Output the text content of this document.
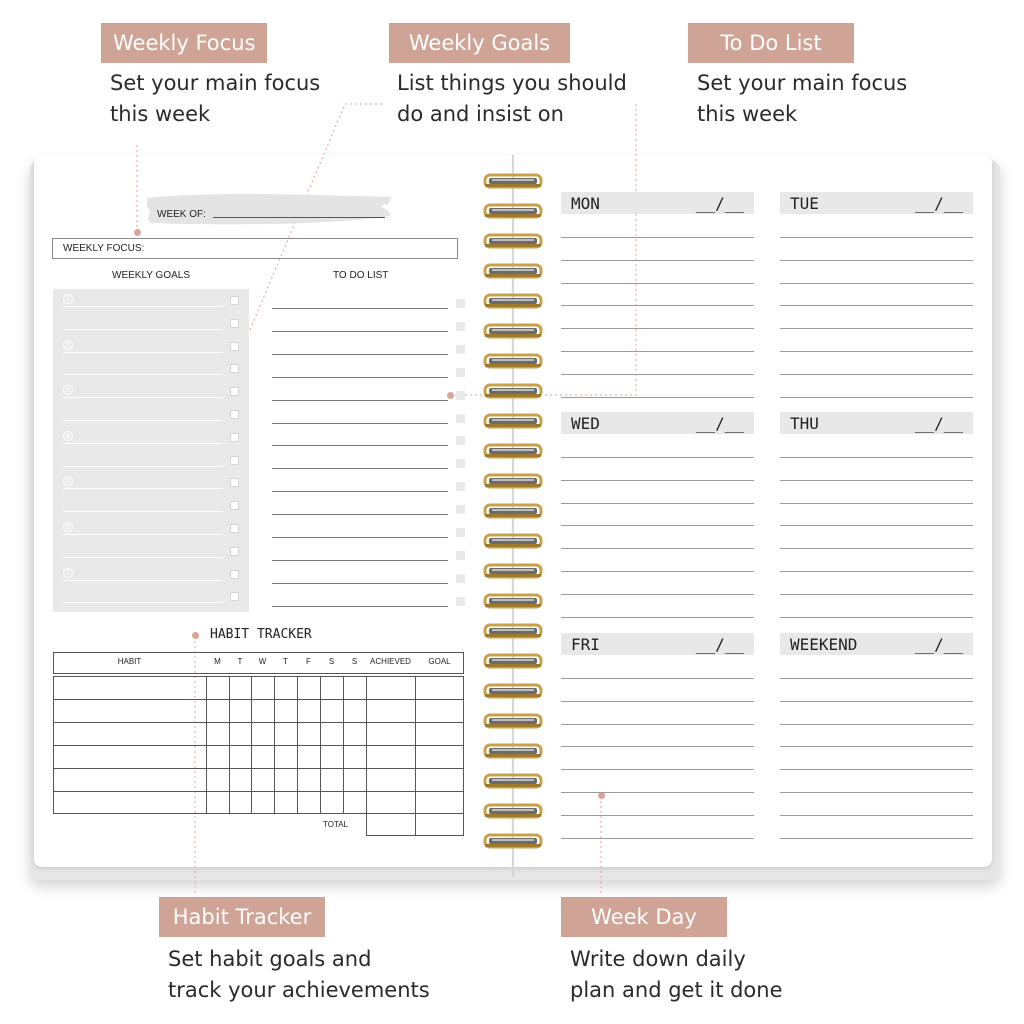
Weekly Focus
Set your main focus
this week
Weekly Goals
List things you should
do and insist on
To Do List
Set your main focus
this week
Habit Tracker
Set habit goals and
track your achievements
Week Day
Write down daily
plan and get it done
WEEK OF:
WEEKLY FOCUS:
WEEKLY GOALS	TO DO LIST
1
2
3
4
5
6
7
HABIT TRACKER
HABIT	M	T	W	T	F	S	S	ACHIEVED	GOAL
TOTAL
MON	__/__	TUE	__/__
WED	__/__	THU	__/__
FRI	__/__	WEEKEND	__/__
